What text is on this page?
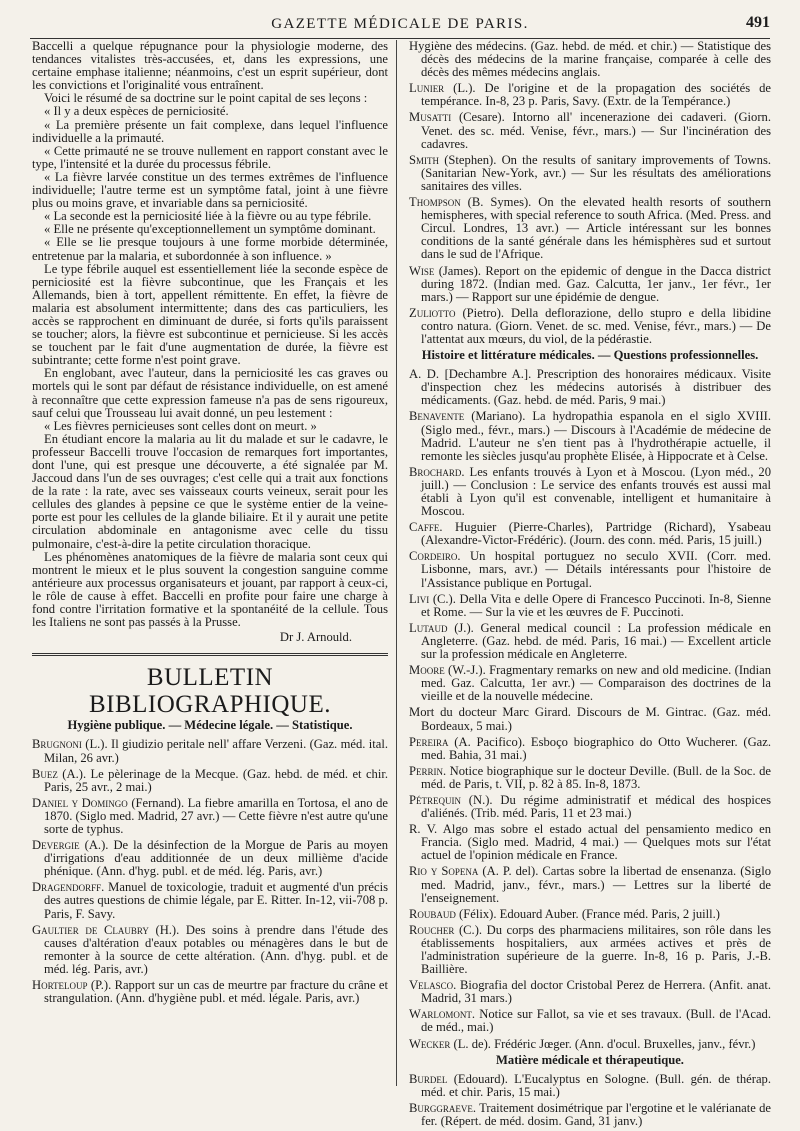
GAZETTE MÉDICALE DE PARIS.	491

Baccelli a quelque répugnance pour la physiologie moderne, des tendances vitalistes très-accusées, et, dans les expressions, une certaine emphase italienne; néanmoins, c'est un esprit supérieur, dont les convictions et l'originalité vous entraînent.

Voici le résumé de sa doctrine sur le point capital de ses leçons :

« Il y a deux espèces de perniciosité.

« La première présente un fait complexe, dans lequel l'influence individuelle a la primauté.

« Cette primauté ne se trouve nullement en rapport constant avec le type, l'intensité et la durée du processus fébrile.

« La fièvre larvée constitue un des termes extrêmes de l'influence individuelle; l'autre terme est un symptôme fatal, joint à une fièvre plus ou moins grave, et invariable dans sa perniciosité.

« La seconde est la perniciosité liée à la fièvre ou au type fébrile.

« Elle ne présente qu'exceptionnellement un symptôme dominant.

« Elle se lie presque toujours à une forme morbide déterminée, entretenue par la malaria, et subordonnée à son influence. »

Le type fébrile auquel est essentiellement liée la seconde espèce de perniciosité est la fièvre subcontinue, que les Français et les Allemands, bien à tort, appellent rémittente. En effet, la fièvre de malaria est absolument intermittente; dans des cas particuliers, les accès se rapprochent en diminuant de durée, si forts qu'ils paraissent se toucher; alors, la fièvre est subcontinue et pernicieuse. Si les accès se touchent par le fait d'une augmentation de durée, la fièvre est subintrante; cette forme n'est point grave.

En englobant, avec l'auteur, dans la perniciosité les cas graves ou mortels qui le sont par défaut de résistance individuelle, on est amené à reconnaître que cette expression fameuse n'a pas de sens rigoureux, sauf celui que Trousseau lui avait donné, un peu lestement :

« Les fièvres pernicieuses sont celles dont on meurt. »

En étudiant encore la malaria au lit du malade et sur le cadavre, le professeur Baccelli trouve l'occasion de remarques fort importantes, dont l'une, qui est presque une découverte, a été signalée par M. Jaccoud dans l'un de ses ouvrages; c'est celle qui a trait aux fonctions de la rate : la rate, avec ses vaisseaux courts veineux, serait pour les cellules des glandes à pepsine ce que le système entier de la veine-porte est pour les cellules de la glande biliaire. Et il y aurait une petite circulation abdominale en antagonisme avec celle du tissu pulmonaire, c'est-à-dire la petite circulation thoracique.

Les phénomènes anatomiques de la fièvre de malaria sont ceux qui montrent le mieux et le plus souvent la congestion sanguine comme antérieure aux processus organisateurs et jouant, par rapport à ceux-ci, le rôle de cause à effet. Baccelli en profite pour faire une charge à fond contre l'irritation formative et la spontanéité de la cellule. Tous les Italiens ne sont pas passés à la Prusse.

Dr J. Arnould.

BULLETIN BIBLIOGRAPHIQUE.

Hygiène publique. — Médecine légale. — Statistique.

Brugnoni (L.). Il giudizio peritale nell' affare Verzeni. (Gaz. méd. ital. Milan, 26 avr.)

Buez (A.). Le pèlerinage de la Mecque. (Gaz. hebd. de méd. et chir. Paris, 25 avr., 2 mai.)

Daniel y Domingo (Fernand). La fiebre amarilla en Tortosa, el ano de 1870. (Siglo med. Madrid, 27 avr.) — Cette fièvre n'est autre qu'une sorte de typhus.

Devergie (A.). De la désinfection de la Morgue de Paris au moyen d'irrigations d'eau additionnée de un deux millième d'acide phénique. (Ann. d'hyg. publ. et de méd. lég. Paris, avr.)

Dragendorff. Manuel de toxicologie, traduit et augmenté d'un précis des autres questions de chimie légale, par E. Ritter. In-12, vii-708 p. Paris, F. Savy.

Gaultier de Claubry (H.). Des soins à prendre dans l'étude des causes d'altération d'eaux potables ou ménagères dans le but de remonter à la source de cette altération. (Ann. d'hyg. publ. et de méd. lég. Paris, avr.)

Horteloup (P.). Rapport sur un cas de meurtre par fracture du crâne et strangulation. (Ann. d'hygiène publ. et méd. légale. Paris, avr.)

Hygiène des médecins. (Gaz. hebd. de méd. et chir.) — Statistique des décès des médecins de la marine française, comparée à celle des décès des mêmes médecins anglais.

Lunier (L.). De l'origine et de la propagation des sociétés de tempérance. In-8, 23 p. Paris, Savy. (Extr. de la Tempérance.)

Musatti (Cesare). Intorno all' incenerazione dei cadaveri. (Giorn. Venet. des sc. méd. Venise, févr., mars.) — Sur l'incinération des cadavres.

Smith (Stephen). On the results of sanitary improvements of Towns. (Sanitarian New-York, avr.) — Sur les résultats des améliorations sanitaires des villes.

Thompson (B. Symes). On the elevated health resorts of southern hemispheres, with special reference to south Africa. (Med. Press. and Circul. Londres, 13 avr.) — Article intéressant sur les bonnes conditions de la santé générale dans les hémisphères sud et surtout dans le sud de l'Afrique.

Wise (James). Report on the epidemic of dengue in the Dacca district during 1872. (Indian med. Gaz. Calcutta, 1er janv., 1er févr., 1er mars.) — Rapport sur une épidémie de dengue.

Zuliotto (Pietro). Della deflorazione, dello stupro e della libidine contro natura. (Giorn. Venet. de sc. med. Venise, févr., mars.) — De l'attentat aux mœurs, du viol, de la pédérastie.

Histoire et littérature médicales. — Questions professionnelles.

A. D. [Dechambre A.]. Prescription des honoraires médicaux. Visite d'inspection chez les médecins autorisés à distribuer des médicaments. (Gaz. hebd. de méd. Paris, 9 mai.)

Benavente (Mariano). La hydropathia espanola en el siglo XVIII. (Siglo med., févr., mars.) — Discours à l'Académie de médecine de Madrid. L'auteur ne s'en tient pas à l'hydrothérapie actuelle, il remonte les siècles jusqu'au prophète Elisée, à Hippocrate et à Celse.

Brochard. Les enfants trouvés à Lyon et à Moscou. (Lyon méd., 20 juill.) — Conclusion : Le service des enfants trouvés est aussi mal établi à Lyon qu'il est convenable, intelligent et humanitaire à Moscou.

Caffe. Huguier (Pierre-Charles), Partridge (Richard), Ysabeau (Alexandre-Victor-Frédéric). (Journ. des conn. méd. Paris, 15 juill.)

Cordeiro. Un hospital portuguez no seculo XVII. (Corr. med. Lisbonne, mars, avr.) — Détails intéressants pour l'histoire de l'Assistance publique en Portugal.

Livi (C.). Della Vita e delle Opere di Francesco Puccinoti. In-8, Sienne et Rome. — Sur la vie et les œuvres de F. Puccinoti.

Lutaud (J.). General medical council : La profession médicale en Angleterre. (Gaz. hebd. de méd. Paris, 16 mai.) — Excellent article sur la profession médicale en Angleterre.

Moore (W.-J.). Fragmentary remarks on new and old medicine. (Indian med. Gaz. Calcutta, 1er avr.) — Comparaison des doctrines de la vieille et de la nouvelle médecine.

Mort du docteur Marc Girard. Discours de M. Gintrac. (Gaz. méd. Bordeaux, 5 mai.)

Pereira (A. Pacifico). Esboço biographico do Otto Wucherer. (Gaz. med. Bahia, 31 mai.)

Perrin. Notice biographique sur le docteur Deville. (Bull. de la Soc. de méd. de Paris, t. VII, p. 82 à 85. In-8, 1873.

Pétrequin (N.). Du régime administratif et médical des hospices d'aliénés. (Trib. méd. Paris, 11 et 23 mai.)

R. V. Algo mas sobre el estado actual del pensamiento medico en Francia. (Siglo med. Madrid, 4 mai.) — Quelques mots sur l'état actuel de l'opinion médicale en France.

Rio y Sopena (A. P. del). Cartas sobre la libertad de ensenanza. (Siglo med. Madrid, janv., févr., mars.) — Lettres sur la liberté de l'enseignement.

Roubaud (Félix). Edouard Auber. (France méd. Paris, 2 juill.)

Roucher (C.). Du corps des pharmaciens militaires, son rôle dans les établissements hospitaliers, aux armées actives et près de l'administration supérieure de la guerre. In-8, 16 p. Paris, J.-B. Baillière.

Velasco. Biografia del doctor Cristobal Perez de Herrera. (Anfit. anat. Madrid, 31 mars.)

Warlomont. Notice sur Fallot, sa vie et ses travaux. (Bull. de l'Acad. de méd., mai.)

Wecker (L. de). Frédéric Jœger. (Ann. d'ocul. Bruxelles, janv., févr.)

Matière médicale et thérapeutique.

Burdel (Edouard). L'Eucalyptus en Sologne. (Bull. gén. de thérap. méd. et chir. Paris, 15 mai.)

Burggraeve. Traitement dosimétrique par l'ergotine et le valérianate de fer. (Répert. de méd. dosim. Gand, 31 janv.)
